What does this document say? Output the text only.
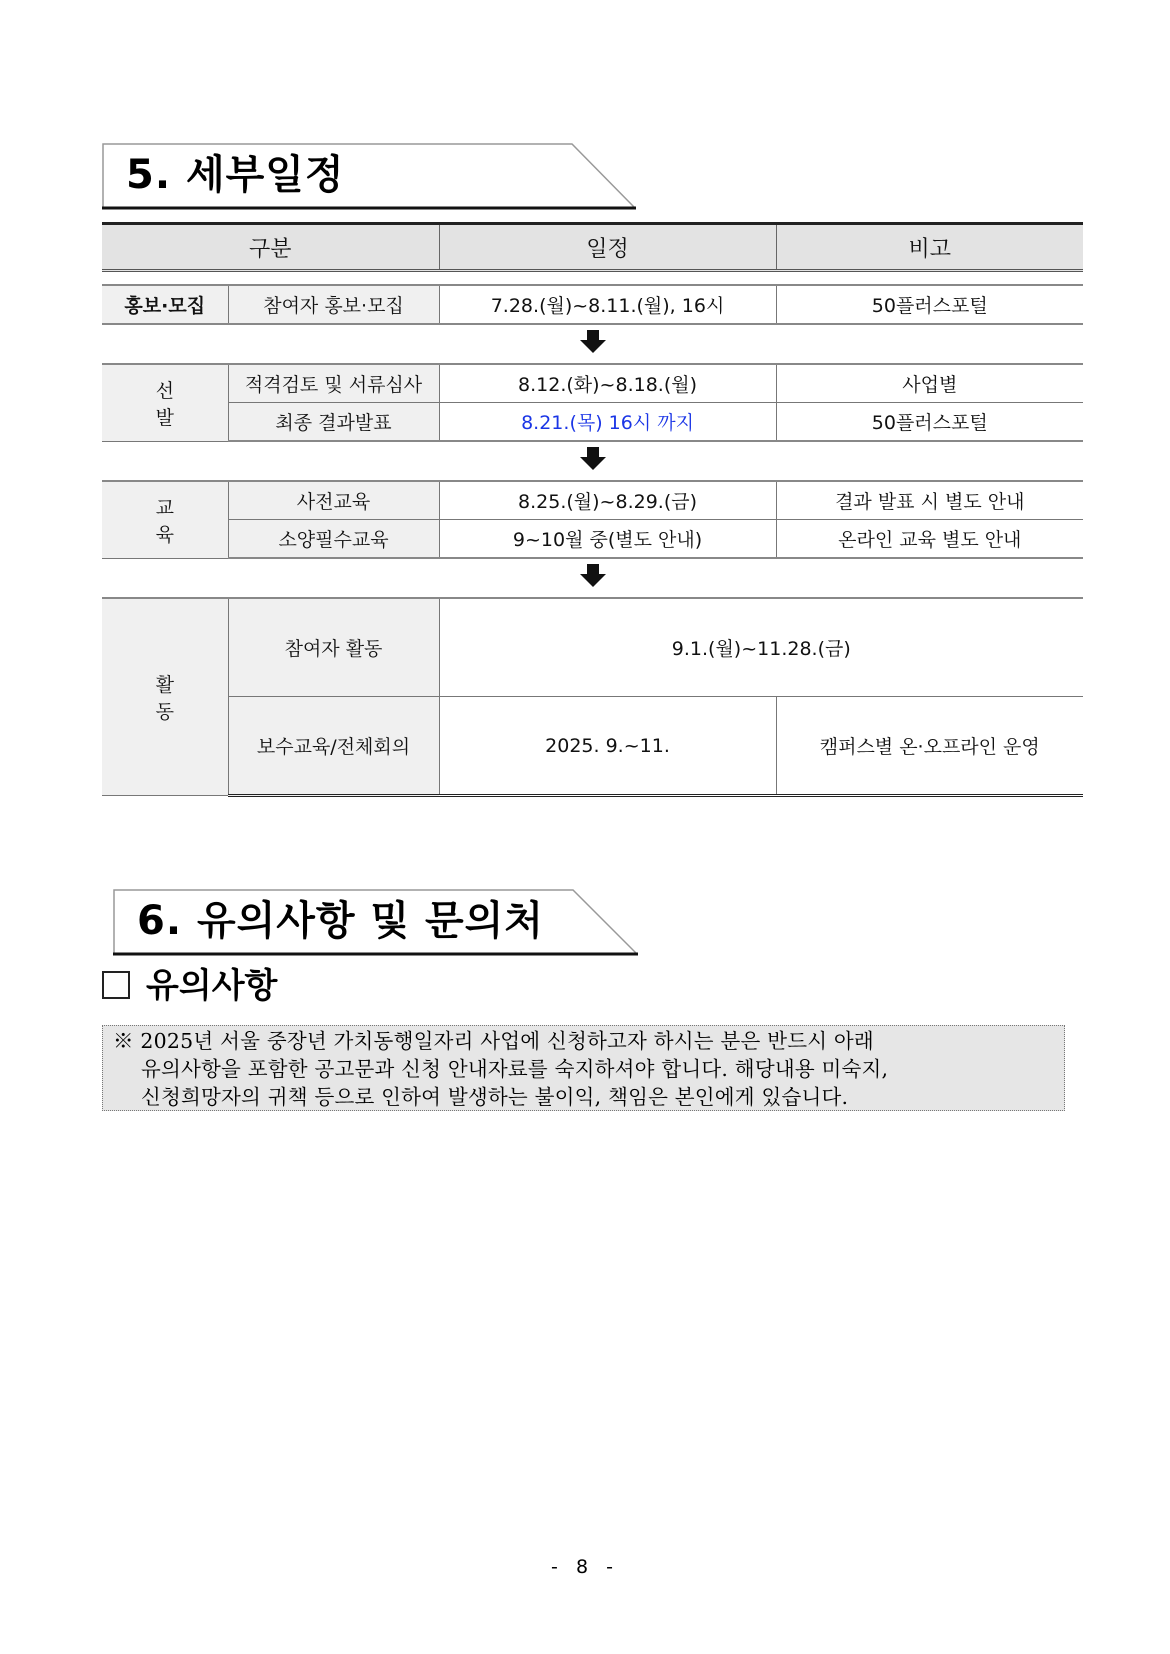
5. 세부일정
구분		일정	비고

홍보·모집	참여자 홍보·모집	7.28.(월)~8.11.(월), 16시	50플러스포털

선 발	적격검토 및 서류심사	8.12.(화)~8.18.(월)	사업별
	최종 결과발표	8.21.(목) 16시 까지	50플러스포털

교 육	사전교육	8.25.(월)~8.29.(금)	결과 발표 시 별도 안내
	소양필수교육	9~10월 중(별도 안내)	온라인 교육 별도 안내

활 동	참여자 활동	9.1.(월)~11.28.(금)	
	보수교육/전체회의	2025. 9.~11.	캠퍼스별 온·오프라인 운영
6. 유의사항 및 문의처
유의사항
※ 2025년 서울 중장년 가치동행일자리 사업에 신청하고자 하시는 분은 반드시 아래
유의사항을 포함한 공고문과 신청 안내자료를 숙지하셔야 합니다. 해당내용 미숙지,
신청희망자의 귀책 등으로 인하여 발생하는 불이익, 책임은 본인에게 있습니다.
- 8 -
